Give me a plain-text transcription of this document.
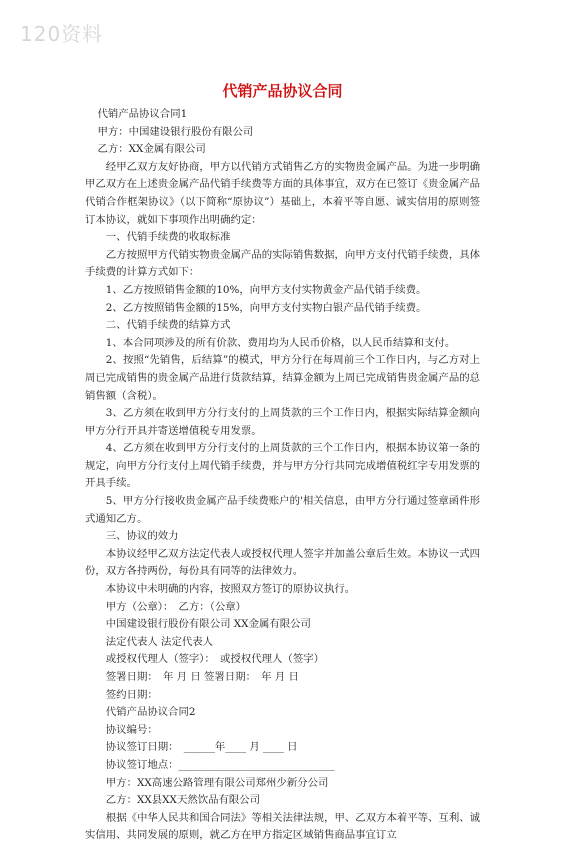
120资料
代销产品协议合同

代销产品协议合同1

甲方：中国建设银行股份有限公司

乙方：XX金属有限公司

经甲乙双方友好协商，甲方以代销方式销售乙方的实物贵金属产品。为进一步明确甲乙双方在上述贵金属产品代销手续费等方面的具体事宜，双方在已签订《贵金属产品代销合作框架协议》（以下简称“原协议”）基础上，本着平等自愿、诚实信用的原则签订本协议，就如下事项作出明确约定：

一、代销手续费的收取标准

乙方按照甲方代销实物贵金属产品的实际销售数据，向甲方支付代销手续费，具体手续费的计算方式如下：

1、乙方按照销售金额的10%，向甲方支付实物黄金产品代销手续费。

2、乙方按照销售金额的15%，向甲方支付实物白银产品代销手续费。

二、代销手续费的结算方式

1、本合同项涉及的所有价款、费用均为人民币价格，以人民币结算和支付。

2、按照“先销售，后结算”的模式，甲方分行在每周前三个工作日内，与乙方对上周已完成销售的贵金属产品进行货款结算，结算金额为上周已完成销售贵金属产品的总销售额（含税）。

3、乙方须在收到甲方分行支付的上周货款的三个工作日内，根据实际结算金额向甲方分行开具并寄送增值税专用发票。

4、乙方须在收到甲方分行支付的上周货款的三个工作日内，根据本协议第一条的规定，向甲方分行支付上周代销手续费，并与甲方分行共同完成增值税红字专用发票的开具手续。

5、甲方分行接收贵金属产品手续费账户的'相关信息，由甲方分行通过签章函件形式通知乙方。

三、协议的效力

本协议经甲乙双方法定代表人或授权代理人签字并加盖公章后生效。本协议一式四份，双方各持两份，每份具有同等的法律效力。

本协议中未明确的内容，按照双方签订的原协议执行。

甲方（公章）：　乙方：（公章）

中国建设银行股份有限公司 XX金属有限公司

法定代表人 法定代表人

或授权代理人（签字）：　或授权代理人（签字）

签署日期：　年 月 日 签署日期：　年 月 日

签约日期：

代销产品协议合同2

协议编号：

协议签订日期：　______年____ 月 ____ 日

协议签订地点：______________________________

甲方：XX高速公路管理有限公司郑州少新分公司

乙方：XX县XX天然饮品有限公司

根据《中华人民共和国合同法》等相关法律法规，甲、乙双方本着平等、互利、诚实信用、共同发展的原则，就乙方在甲方指定区域销售商品事宜订立
